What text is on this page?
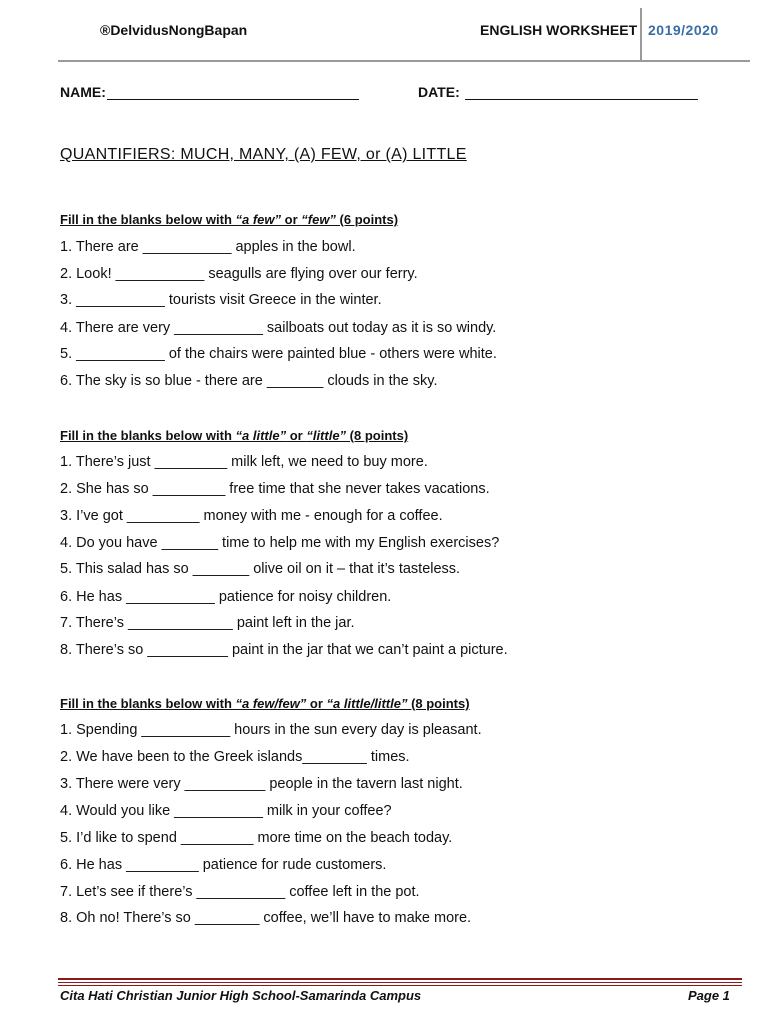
®DelvidusNongBapan	ENGLISH WORKSHEET 2019/2020
NAME:	DATE:
QUANTIFIERS: MUCH, MANY, (A) FEW, or (A) LITTLE
Fill in the blanks below with “a few” or “few” (6 points)
1. There are ___________ apples in the bowl.
2. Look! ___________ seagulls are flying over our ferry.
3. ___________ tourists visit Greece in the winter.
4. There are very ___________ sailboats out today as it is so windy.
5. ___________ of the chairs were painted blue - others were white.
6. The sky is so blue - there are _______ clouds in the sky.
Fill in the blanks below with “a little” or “little” (8 points)
1. There’s just _________ milk left, we need to buy more.
2. She has so _________ free time that she never takes vacations.
3. I’ve got _________ money with me - enough for a coffee.
4. Do you have _______ time to help me with my English exercises?
5. This salad has so _______ olive oil on it – that it’s tasteless.
6. He has ___________ patience for noisy children.
7. There’s _____________ paint left in the jar.
8. There’s so __________ paint in the jar that we can’t paint a picture.
Fill in the blanks below with “a few/few” or “a little/little” (8 points)
1. Spending ___________ hours in the sun every day is pleasant.
2. We have been to the Greek islands________ times.
3. There were very __________ people in the tavern last night.
4. Would you like ___________ milk in your coffee?
5. I’d like to spend _________ more time on the beach today.
6. He has _________ patience for rude customers.
7. Let’s see if there’s ___________ coffee left in the pot.
8. Oh no! There’s so ________ coffee, we’ll have to make more.
Cita Hati Christian Junior High School-Samarinda Campus	Page 1
